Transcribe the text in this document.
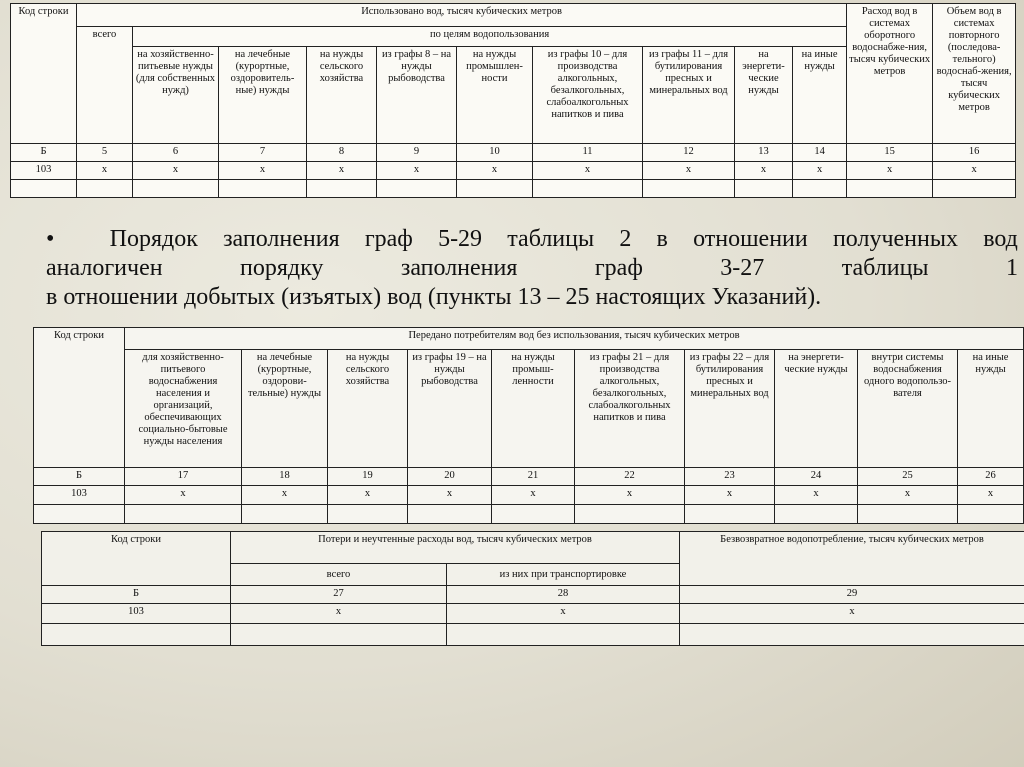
Код строки	Использовано вод, тысяч кубических метров										Расход вод в системах оборотного водоснабже-ния, тысяч кубических метров	Объем вод в системах повторного (последова-тельного) водоснаб-жения, тысяч кубических метров
	всего	по целям водопользования										
		на хозяйственно-питьевые нужды (для собственных нужд)	на лечебные (курортные, оздоровитель-ные) нужды	на нужды сельского хозяйства	из графы 8 – на нужды рыбоводства	на нужды промышлен-ности	из графы 10 – для производства алкогольных, безалкогольных, слабоалкогольных напитков и пива	из графы 11 – для бутилирования пресных и минеральных вод	на энергети-ческие нужды	на иные нужды		
Б	5	6	7	8	9	10	11	12	13	14	15	16
103	x	x	x	x	x	x	x	x	x	x	x	x

•	Порядок заполнения граф 5-29 таблицы 2 в отношении полученных вод
аналогичен	порядку	заполнения	граф	3-27	таблицы	1
в отношении добытых (изъятых) вод (пункты 13 – 25 настоящих Указаний).
Код строки	Передано потребителям вод без использования, тысяч кубических метров									
	для хозяйственно-питьевого водоснабжения населения и организаций, обеспечивающих социально-бытовые нужды населения	на лечебные (курортные, оздорови-тельные) нужды	на нужды сельского хозяйства	из графы 19 – на нужды рыбоводства	на нужды промыш-ленности	из графы 21 – для производства алкогольных, безалкогольных, слабоалкогольных напитков и пива	из графы 22 – для бутилирования пресных и минеральных вод	на энергети-ческие нужды	внутри системы водоснабжения одного водопользо-вателя	на иные нужды
Б	17	18	19	20	21	22	23	24	25	26
103	x	x	x	x	x	x	x	x	x	x

Код строки	Потери и неучтенные расходы вод, тысяч кубических метров		Безвозвратное водопотребление, тысяч кубических метров
	всего	из них при транспортировке	
Б	27	28	29
103	x	x	x
